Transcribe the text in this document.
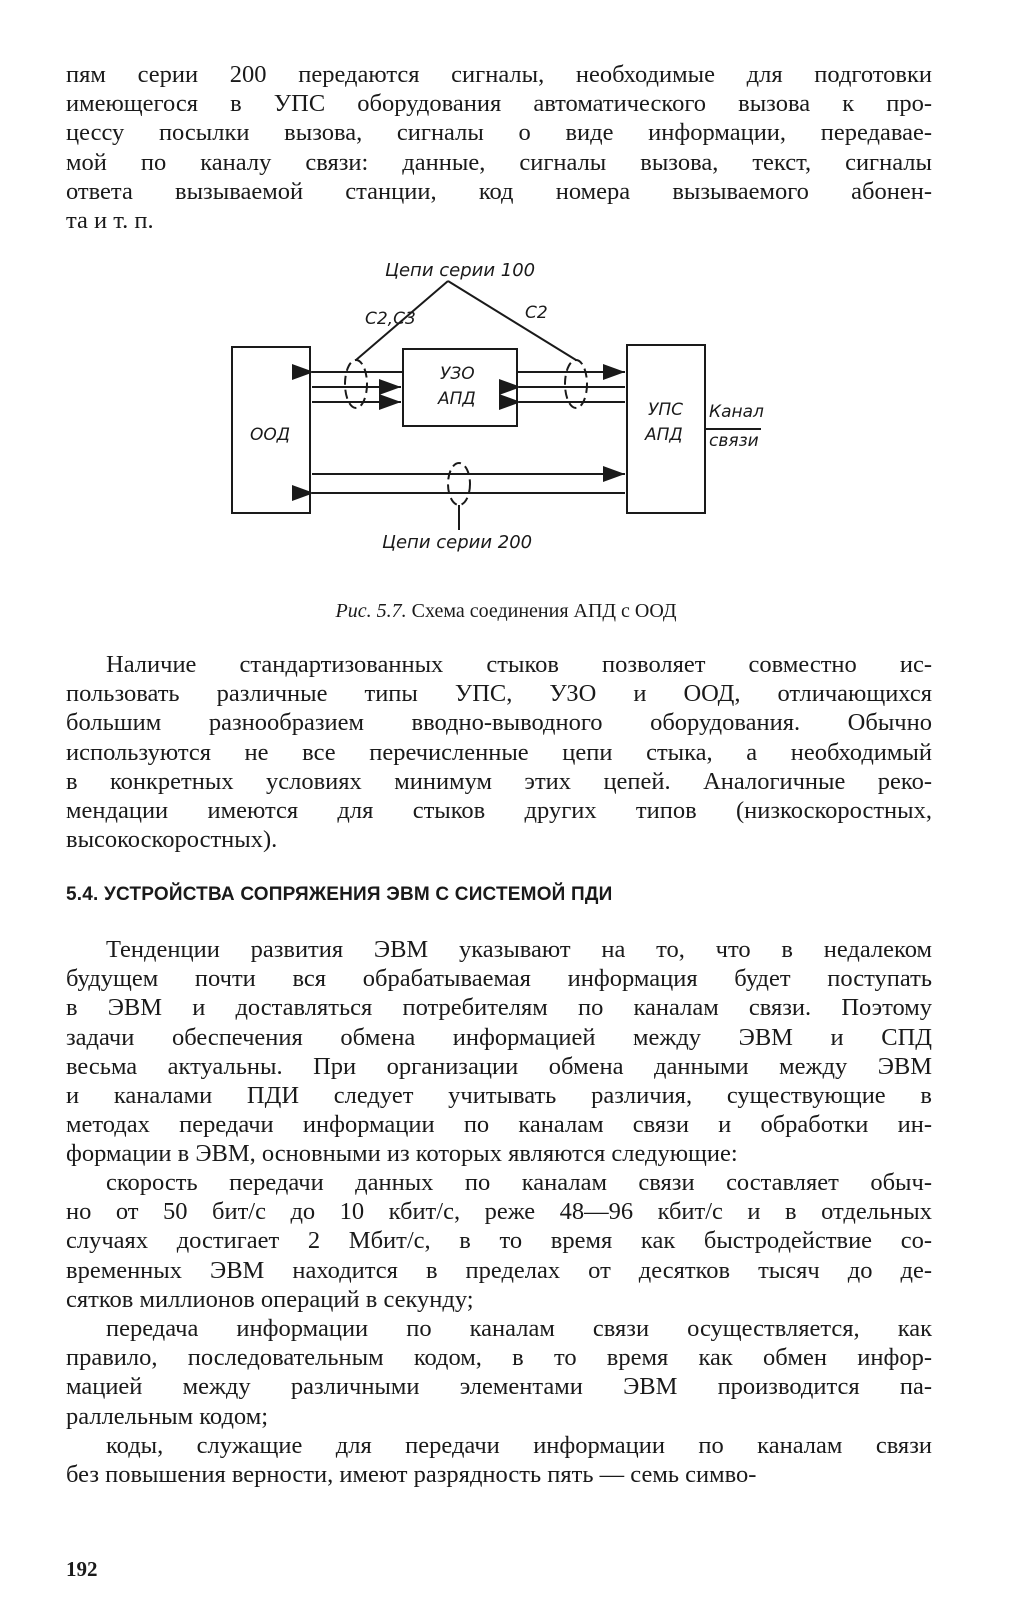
пям серии 200 передаются сигналы, необходимые для подготовки
имеющегося в УПС оборудования автоматического вызова к про-
цессу посылки вызова, сигналы о виде информации, передавае-
мой по каналу связи: данные, сигналы вызова, текст, сигналы
ответа вызываемой станции, код номера вызываемого абонен-
та и т. п.
Цепи серии 100
С2,С3	С2
ООД
УЗО
АПД
УПС
АПД
Канал
связи
Цепи серии 200

Рис. 5.7. Схема соединения АПД с ООД

Наличие стандартизованных стыков позволяет совместно ис-
пользовать различные типы УПС, УЗО и ООД, отличающихся
большим разнообразием вводно-выводного оборудования. Обычно
используются не все перечисленные цепи стыка, а необходимый
в конкретных условиях минимум этих цепей. Аналогичные реко-
мендации имеются для стыков других типов (низкоскоростных,
высокоскоростных).
5.4. УСТРОЙСТВА СОПРЯЖЕНИЯ ЭВМ С СИСТЕМОЙ ПДИ
Тенденции развития ЭВМ указывают на то, что в недалеком
будущем почти вся обрабатываемая информация будет поступать
в ЭВМ и доставляться потребителям по каналам связи. Поэтому
задачи обеспечения обмена информацией между ЭВМ и СПД
весьма актуальны. При организации обмена данными между ЭВМ
и каналами ПДИ следует учитывать различия, существующие в
методах передачи информации по каналам связи и обработки ин-
формации в ЭВМ, основными из которых являются следующие:
скорость передачи данных по каналам связи составляет обыч-
но от 50 бит/с до 10 кбит/с, реже 48—96 кбит/с и в отдельных
случаях достигает 2 Мбит/с, в то время как быстродействие со-
временных ЭВМ находится в пределах от десятков тысяч до де-
сятков миллионов операций в секунду;
передача информации по каналам связи осуществляется, как
правило, последовательным кодом, в то время как обмен инфор-
мацией между различными элементами ЭВМ производится па-
раллельным кодом;
коды, служащие для передачи информации по каналам связи
без повышения верности, имеют разрядность пять — семь симво-
192
